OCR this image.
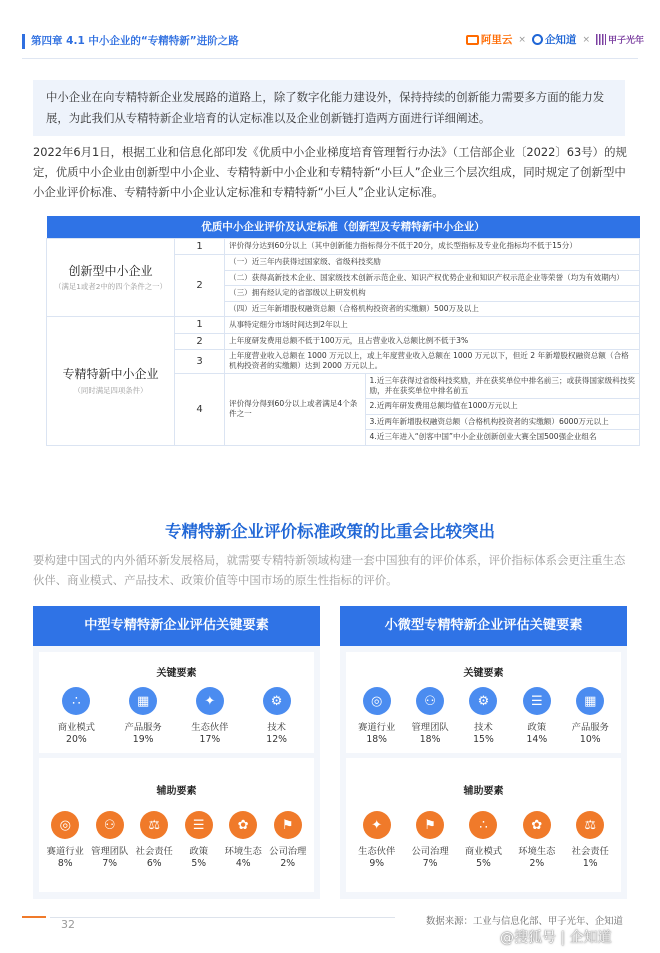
第四章 4.1 中小企业的“专精特新”进阶之路	阿里云 × 企知道 × 甲子光年
中小企业在向专精特新企业发展路的道路上，除了数字化能力建设外，保持持续的创新能力需要多方面的能力发展，为此我们从专精特新企业培育的认定标准以及企业创新链打造两方面进行详细阐述。
2022年6月1日，根据工业和信息化部印发《优质中小企业梯度培育管理暂行办法》（工信部企业〔2022〕63号）的规定，优质中小企业由创新型中小企业、专精特新中小企业和专精特新“小巨人”企业三个层次组成，同时规定了创新型中小企业评价标准、专精特新中小企业认定标准和专精特新“小巨人”企业认定标准。
优质中小企业评价及认定标准（创新型及专精特新中小企业）

创新型中小企业
（满足1或者2中的四个条件之一）
	1	评价得分达到60分以上（其中创新能力指标得分不低于20分，成长型指标及专业化指标均不低于15分）
2	（一）近三年内获得过国家级、省级科技奖励
（二）获得高新技术企业、国家级技术创新示范企业、知识产权优势企业和知识产权示范企业等荣誉（均为有效期内）
（三）拥有经认定的省部级以上研发机构
（四）近三年新增股权融资总额（合格机构投资者的实缴额）500万及以上

专精特新中小企业
（同时满足四项条件）
	1	从事特定细分市场时间达到2年以上
2	上年度研发费用总额不低于100万元，且占营业收入总额比例不低于3%
3	上年度营业收入总额在 1000 万元以上，或上年度营业收入总额在 1000 万元以下，但近 2 年新增股权融资总额（合格机构投资者的实缴额）达到 2000 万元以上。
4		评价得分得到60分以上或者满足4个条件之一	1.近三年获得过省级科技奖励，并在获奖单位中排名前三；或获得国家级科技奖励，并在获奖单位中排名前五
2.近两年研发费用总额均值在1000万元以上
3.近两年新增股权融资总额（合格机构投资者的实缴额）6000万元以上
4.近三年进入“创客中国”中小企业创新创业大赛全国500强企业组名
专精特新企业评价标准政策的比重会比较突出
要构建中国式的内外循环新发展格局，就需要专精特新领域构建一套中国独有的评价体系，评价指标体系会更注重生态伙伴、商业模式、产品技术、政策价值等中国市场的原生性指标的评价。
中型专精特新企业评估关键要素
关键要素
∴
商业模式
20%
▦
产品服务
19%
✦
生态伙伴
17%
⚙
技术
12%
辅助要素
◎
赛道行业
8%
⚇
管理团队
7%
⚖
社会责任
6%
☰
政策
5%
✿
环境生态
4%
⚑
公司治理
2%
小微型专精特新企业评估关键要素
关键要素
◎
赛道行业
18%
⚇
管理团队
18%
⚙
技术
15%
☰
政策
14%
▦
产品服务
10%
辅助要素
✦
生态伙伴
9%
⚑
公司治理
7%
∴
商业模式
5%
✿
环境生态
2%
⚖
社会责任
1%
32	数据来源：工业与信息化部、甲子光年、企知道
@搜狐号 | 企知道
